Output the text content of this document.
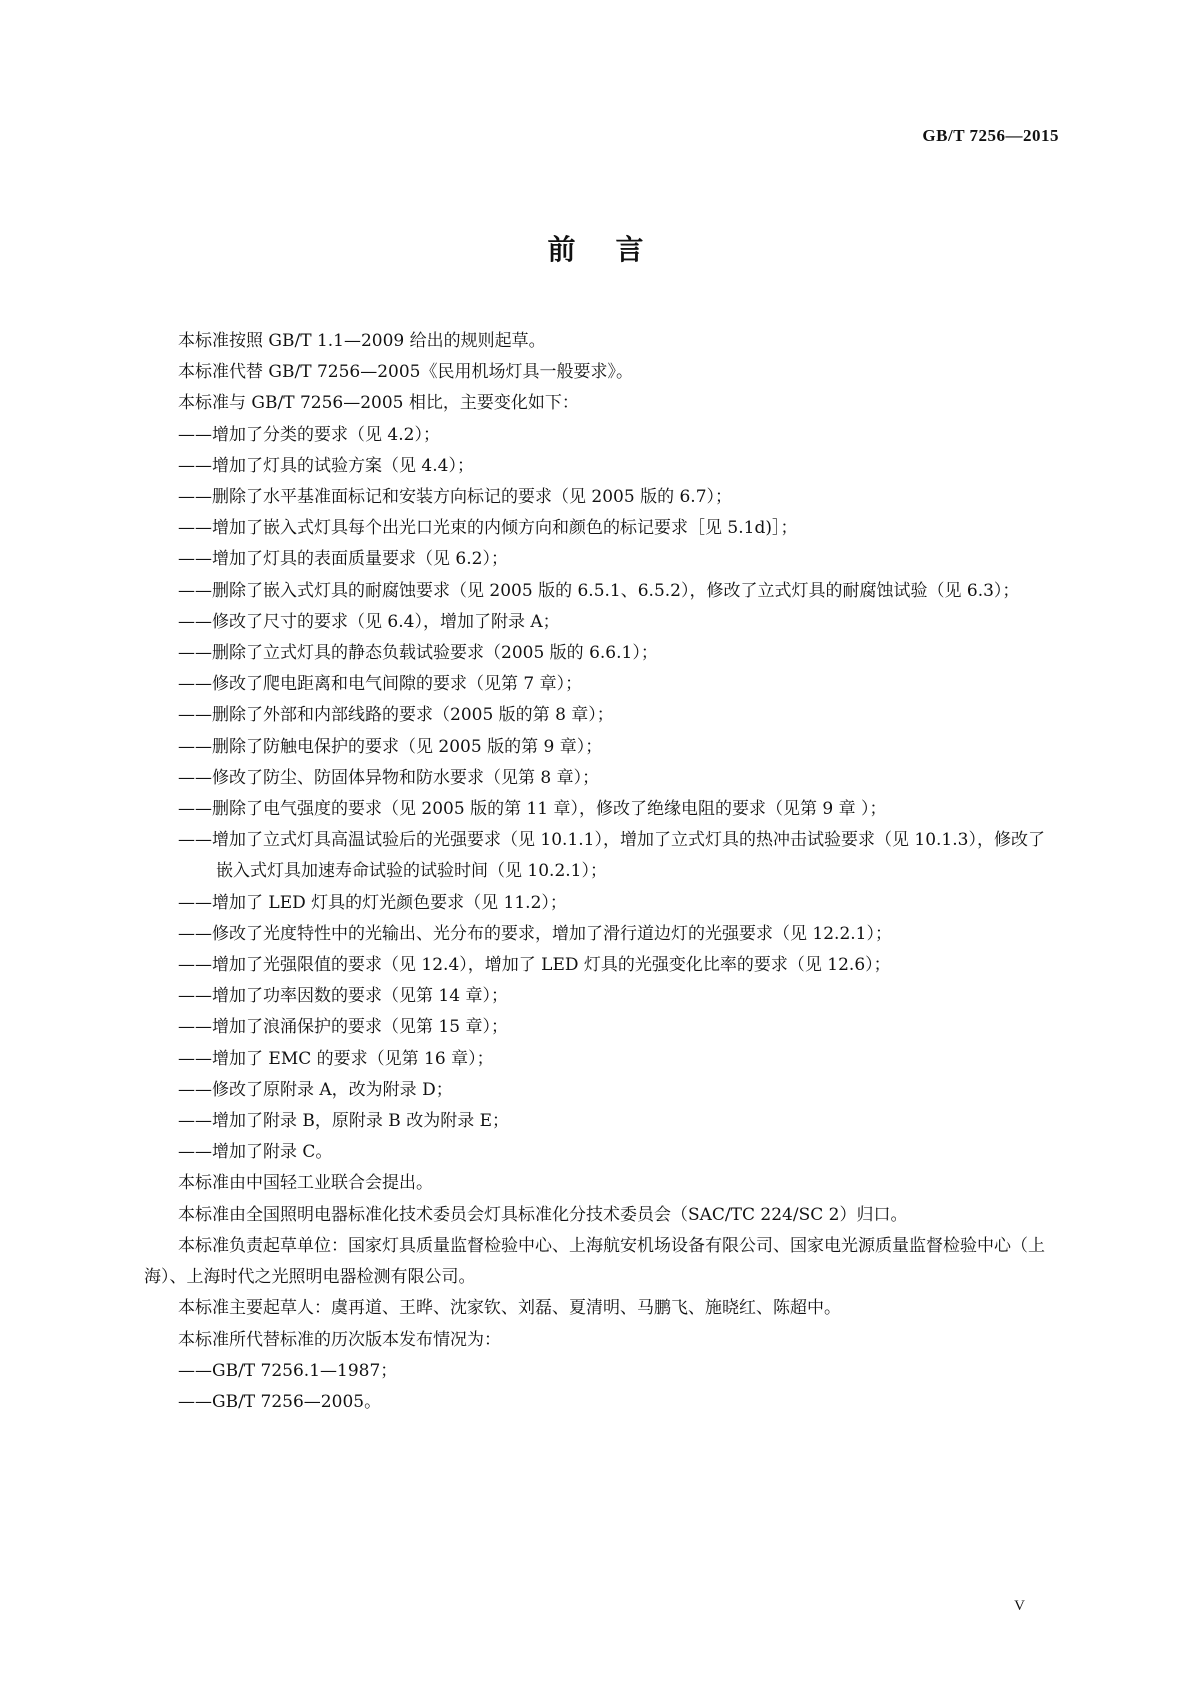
GB/T 7256—2015
前言

本标准按照 GB/T 1.1—2009 给出的规则起草。

本标准代替 GB/T 7256—2005《民用机场灯具一般要求》。

本标准与 GB/T 7256—2005 相比，主要变化如下：

——增加了分类的要求（见 4.2）；

——增加了灯具的试验方案（见 4.4）；

——删除了水平基准面标记和安装方向标记的要求（见 2005 版的 6.7）；

——增加了嵌入式灯具每个出光口光束的内倾方向和颜色的标记要求［见 5.1d)］；

——增加了灯具的表面质量要求（见 6.2）；

——删除了嵌入式灯具的耐腐蚀要求（见 2005 版的 6.5.1、6.5.2），修改了立式灯具的耐腐蚀试验（见 6.3）；

——修改了尺寸的要求（见 6.4），增加了附录 A；

——删除了立式灯具的静态负载试验要求（2005 版的 6.6.1）；

——修改了爬电距离和电气间隙的要求（见第 7 章）；

——删除了外部和内部线路的要求（2005 版的第 8 章）；

——删除了防触电保护的要求（见 2005 版的第 9 章）；

——修改了防尘、防固体异物和防水要求（见第 8 章）；

——删除了电气强度的要求（见 2005 版的第 11 章），修改了绝缘电阻的要求（见第 9 章 ）；

——增加了立式灯具高温试验后的光强要求（见 10.1.1），增加了立式灯具的热冲击试验要求（见 10.1.3），修改了嵌入式灯具加速寿命试验的试验时间（见 10.2.1）；

——增加了 LED 灯具的灯光颜色要求（见 11.2）；

——修改了光度特性中的光输出、光分布的要求，增加了滑行道边灯的光强要求（见 12.2.1）；

——增加了光强限值的要求（见 12.4），增加了 LED 灯具的光强变化比率的要求（见 12.6）；

——增加了功率因数的要求（见第 14 章）；

——增加了浪涌保护的要求（见第 15 章）；

——增加了 EMC 的要求（见第 16 章）；

——修改了原附录 A，改为附录 D；

——增加了附录 B，原附录 B 改为附录 E；

——增加了附录 C。

本标准由中国轻工业联合会提出。

本标准由全国照明电器标准化技术委员会灯具标准化分技术委员会（SAC/TC 224/SC 2）归口。

本标准负责起草单位：国家灯具质量监督检验中心、上海航安机场设备有限公司、国家电光源质量监督检验中心（上海）、上海时代之光照明电器检测有限公司。

本标准主要起草人：虞再道、王晔、沈家钦、刘磊、夏清明、马鹏飞、施晓红、陈超中。

本标准所代替标准的历次版本发布情况为：

——GB/T 7256.1—1987；

——GB/T 7256—2005。

V
